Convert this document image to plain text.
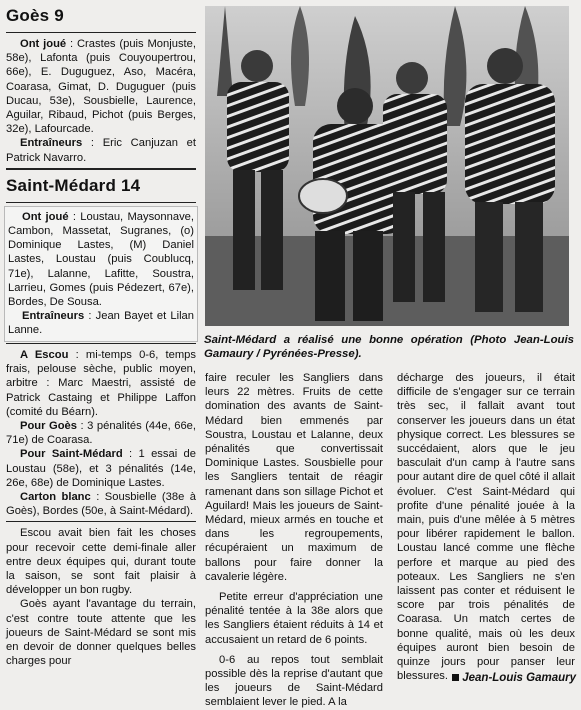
Goès 9

Ont joué : Crastes (puis Monjuste, 58e), Lafonta (puis Couyoupertrou, 66e), E. Duguguez, Aso, Macéra, Coarasa, Gimat, D. Duguguer (puis Ducau, 53e), Sousbielle, Laurence, Aguilar, Ribaud, Pichot (puis Berges, 32e), Lafourcade.

Entraîneurs : Eric Canjuzan et Patrick Navarro.

Saint-Médard 14

Ont joué : Loustau, Maysonnave, Cambon, Massetat, Sugranes, (o) Dominique Lastes, (M) Daniel Lastes, Loustau (puis Coublucq, 71e), Lalanne, Lafitte, Soustra, Larrieu, Gomes (puis Pédezert, 67e), Bordes, De Sousa.

Entraîneurs : Jean Bayet et Lilan Lanne.

A Escou : mi-temps 0-6, temps frais, pelouse sèche, public moyen, arbitre : Marc Maestri, assisté de Patrick Castaing et Philippe Laffon (comité du Béarn).

Pour Goès : 3 pénalités (44e, 66e, 71e) de Coarasa.

Pour Saint-Médard : 1 essai de Loustau (58e), et 3 pénalités (14e, 26e, 68e) de Dominique Lastes.

Carton blanc : Sousbielle (38e à Goès), Bordes (50e, à Saint-Médard).

Escou avait bien fait les choses pour recevoir cette demi-finale aller entre deux équipes qui, durant toute la saison, se sont fait plaisir à développer un bon rugby.

Goès ayant l'avantage du terrain, c'est contre toute attente que les joueurs de Saint-Médard se sont mis en devoir de donner quelques belles charges pour

Saint-Médard a réalisé une bonne opération (Photo Jean-Louis Gamaury / Pyrénées-Presse).

faire reculer les Sangliers dans leurs 22 mètres. Fruits de cette domination des avants de Saint-Médard bien emmenés par Soustra, Loustau et Lalanne, deux pénalités que convertissait Dominique Lastes. Sousbielle pour les Sangliers tentait de réagir ramenant dans son sillage Pichot et Aguilard! Mais les joueurs de Saint-Médard, mieux armés en touche et dans les regroupements, récupéraient un maximum de ballons pour faire donner la cavalerie légère.

Petite erreur d'appréciation une pénalité tentée à la 38e alors que les Sangliers étaient réduits à 14 et accusaient un retard de 6 points.

0-6 au repos tout semblait possible dès la reprise d'autant que les joueurs de Saint-Médard semblaient lever le pied. A la

décharge des joueurs, il était difficile de s'engager sur ce terrain très sec, il fallait avant tout conserver les joueurs dans un état physique correct. Les blessures se succédaient, alors que le jeu basculait d'un camp à l'autre sans pour autant dire de quel côté il allait évoluer. C'est Saint-Médard qui profite d'une pénalité jouée à la main, puis d'une mêlée à 5 mètres pour libérer rapidement le ballon. Loustau lancé comme une flèche perfore et marque au pied des poteaux. Les Sangliers ne s'en laissent pas conter et réduisent le score par trois pénalités de Coarasa. Un match certes de bonne qualité, mais où les deux équipes auront bien besoin de quinze jours pour panser leur blessures.	Jean-Louis Gamaury
